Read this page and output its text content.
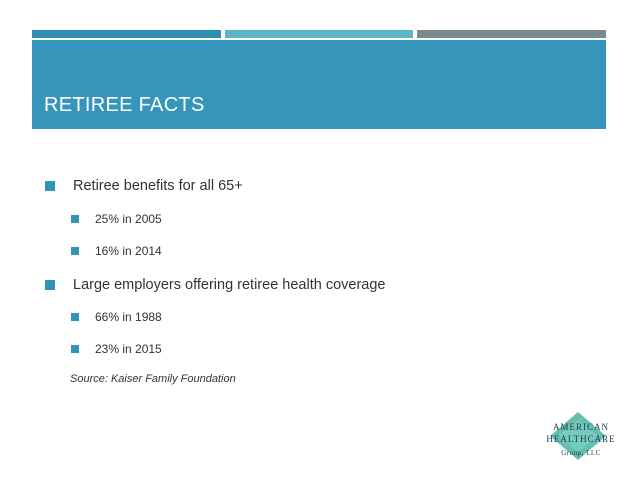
RETIREE FACTS
Retiree benefits for all 65+
25% in 2005
16% in 2014
Large employers offering retiree health coverage
66% in 1988
23% in 2015
Source: Kaiser Family Foundation
AMERICAN
HEALTHCARE
Group, LLC
